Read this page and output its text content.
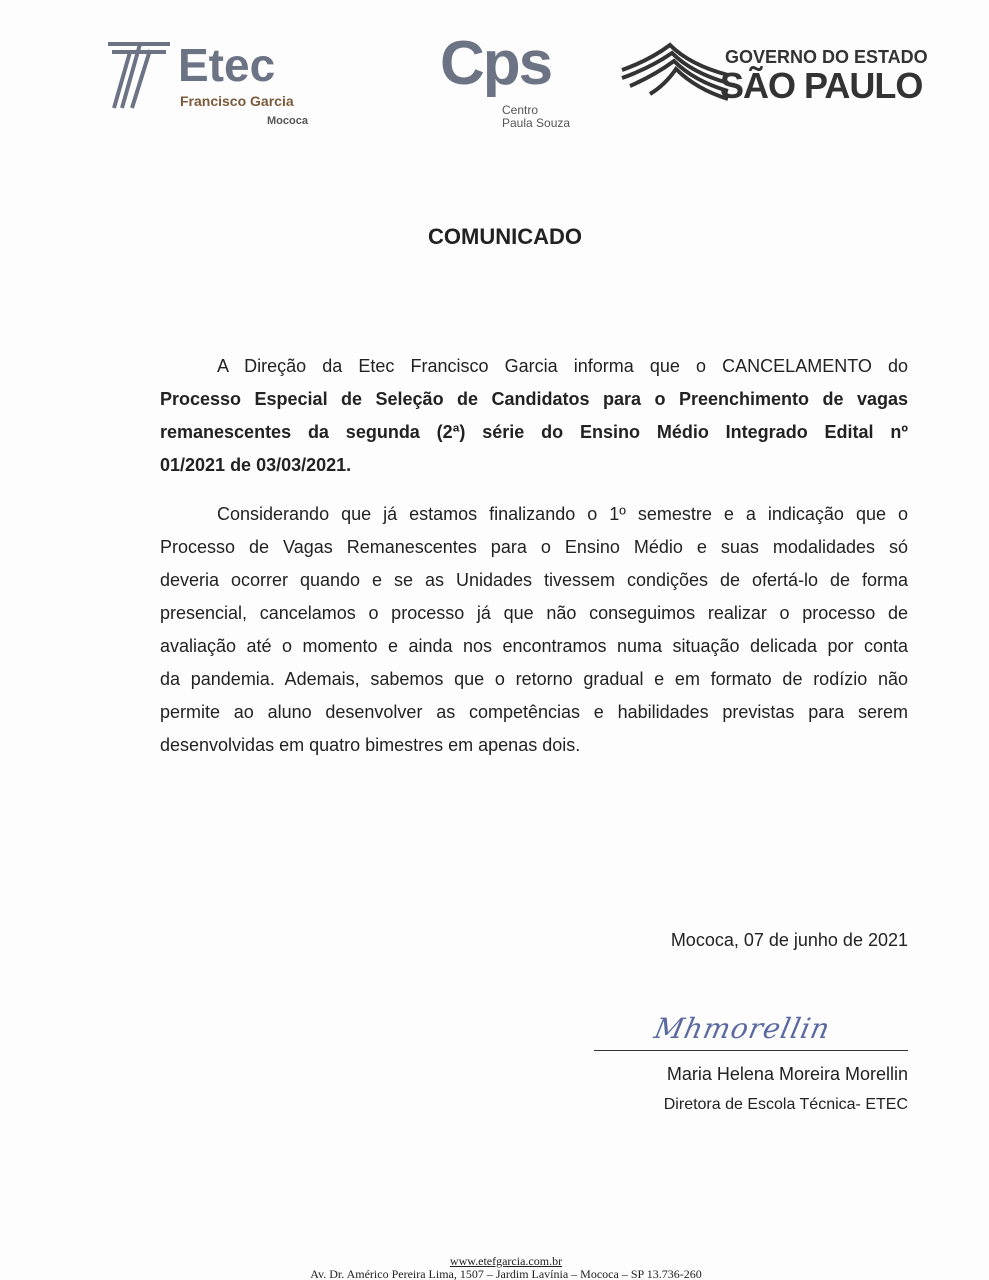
Etec
Francisco Garcia
Mococa
Cps
Centro
Paula Souza
GOVERNO DO ESTADO
SÃO PAULO
COMUNICADO
A Direção da Etec Francisco Garcia informa que o CANCELAMENTO do
Processo Especial de Seleção de Candidatos para o Preenchimento de vagas
remanescentes da segunda (2ª) série do Ensino Médio Integrado Edital nº
01/2021 de 03/03/2021.
Considerando que já estamos finalizando o 1º semestre e a indicação que o
Processo de Vagas Remanescentes para o Ensino Médio e suas modalidades só
deveria ocorrer quando e se as Unidades tivessem condições de ofertá-lo de forma
presencial, cancelamos o processo já que não conseguimos realizar o processo de
avaliação até o momento e ainda nos encontramos numa situação delicada por conta
da pandemia. Ademais, sabemos que o retorno gradual e em formato de rodízio não
permite ao aluno desenvolver as competências e habilidades previstas para serem
desenvolvidas em quatro bimestres em apenas dois.
Mococa, 07 de junho de 2021
Mhmorellin
Maria Helena Moreira Morellin
Diretora de Escola Técnica- ETEC
www.etefgarcia.com.br
Av. Dr. Américo Pereira Lima, 1507 – Jardim Lavínia – Mococa – SP 13.736-260
